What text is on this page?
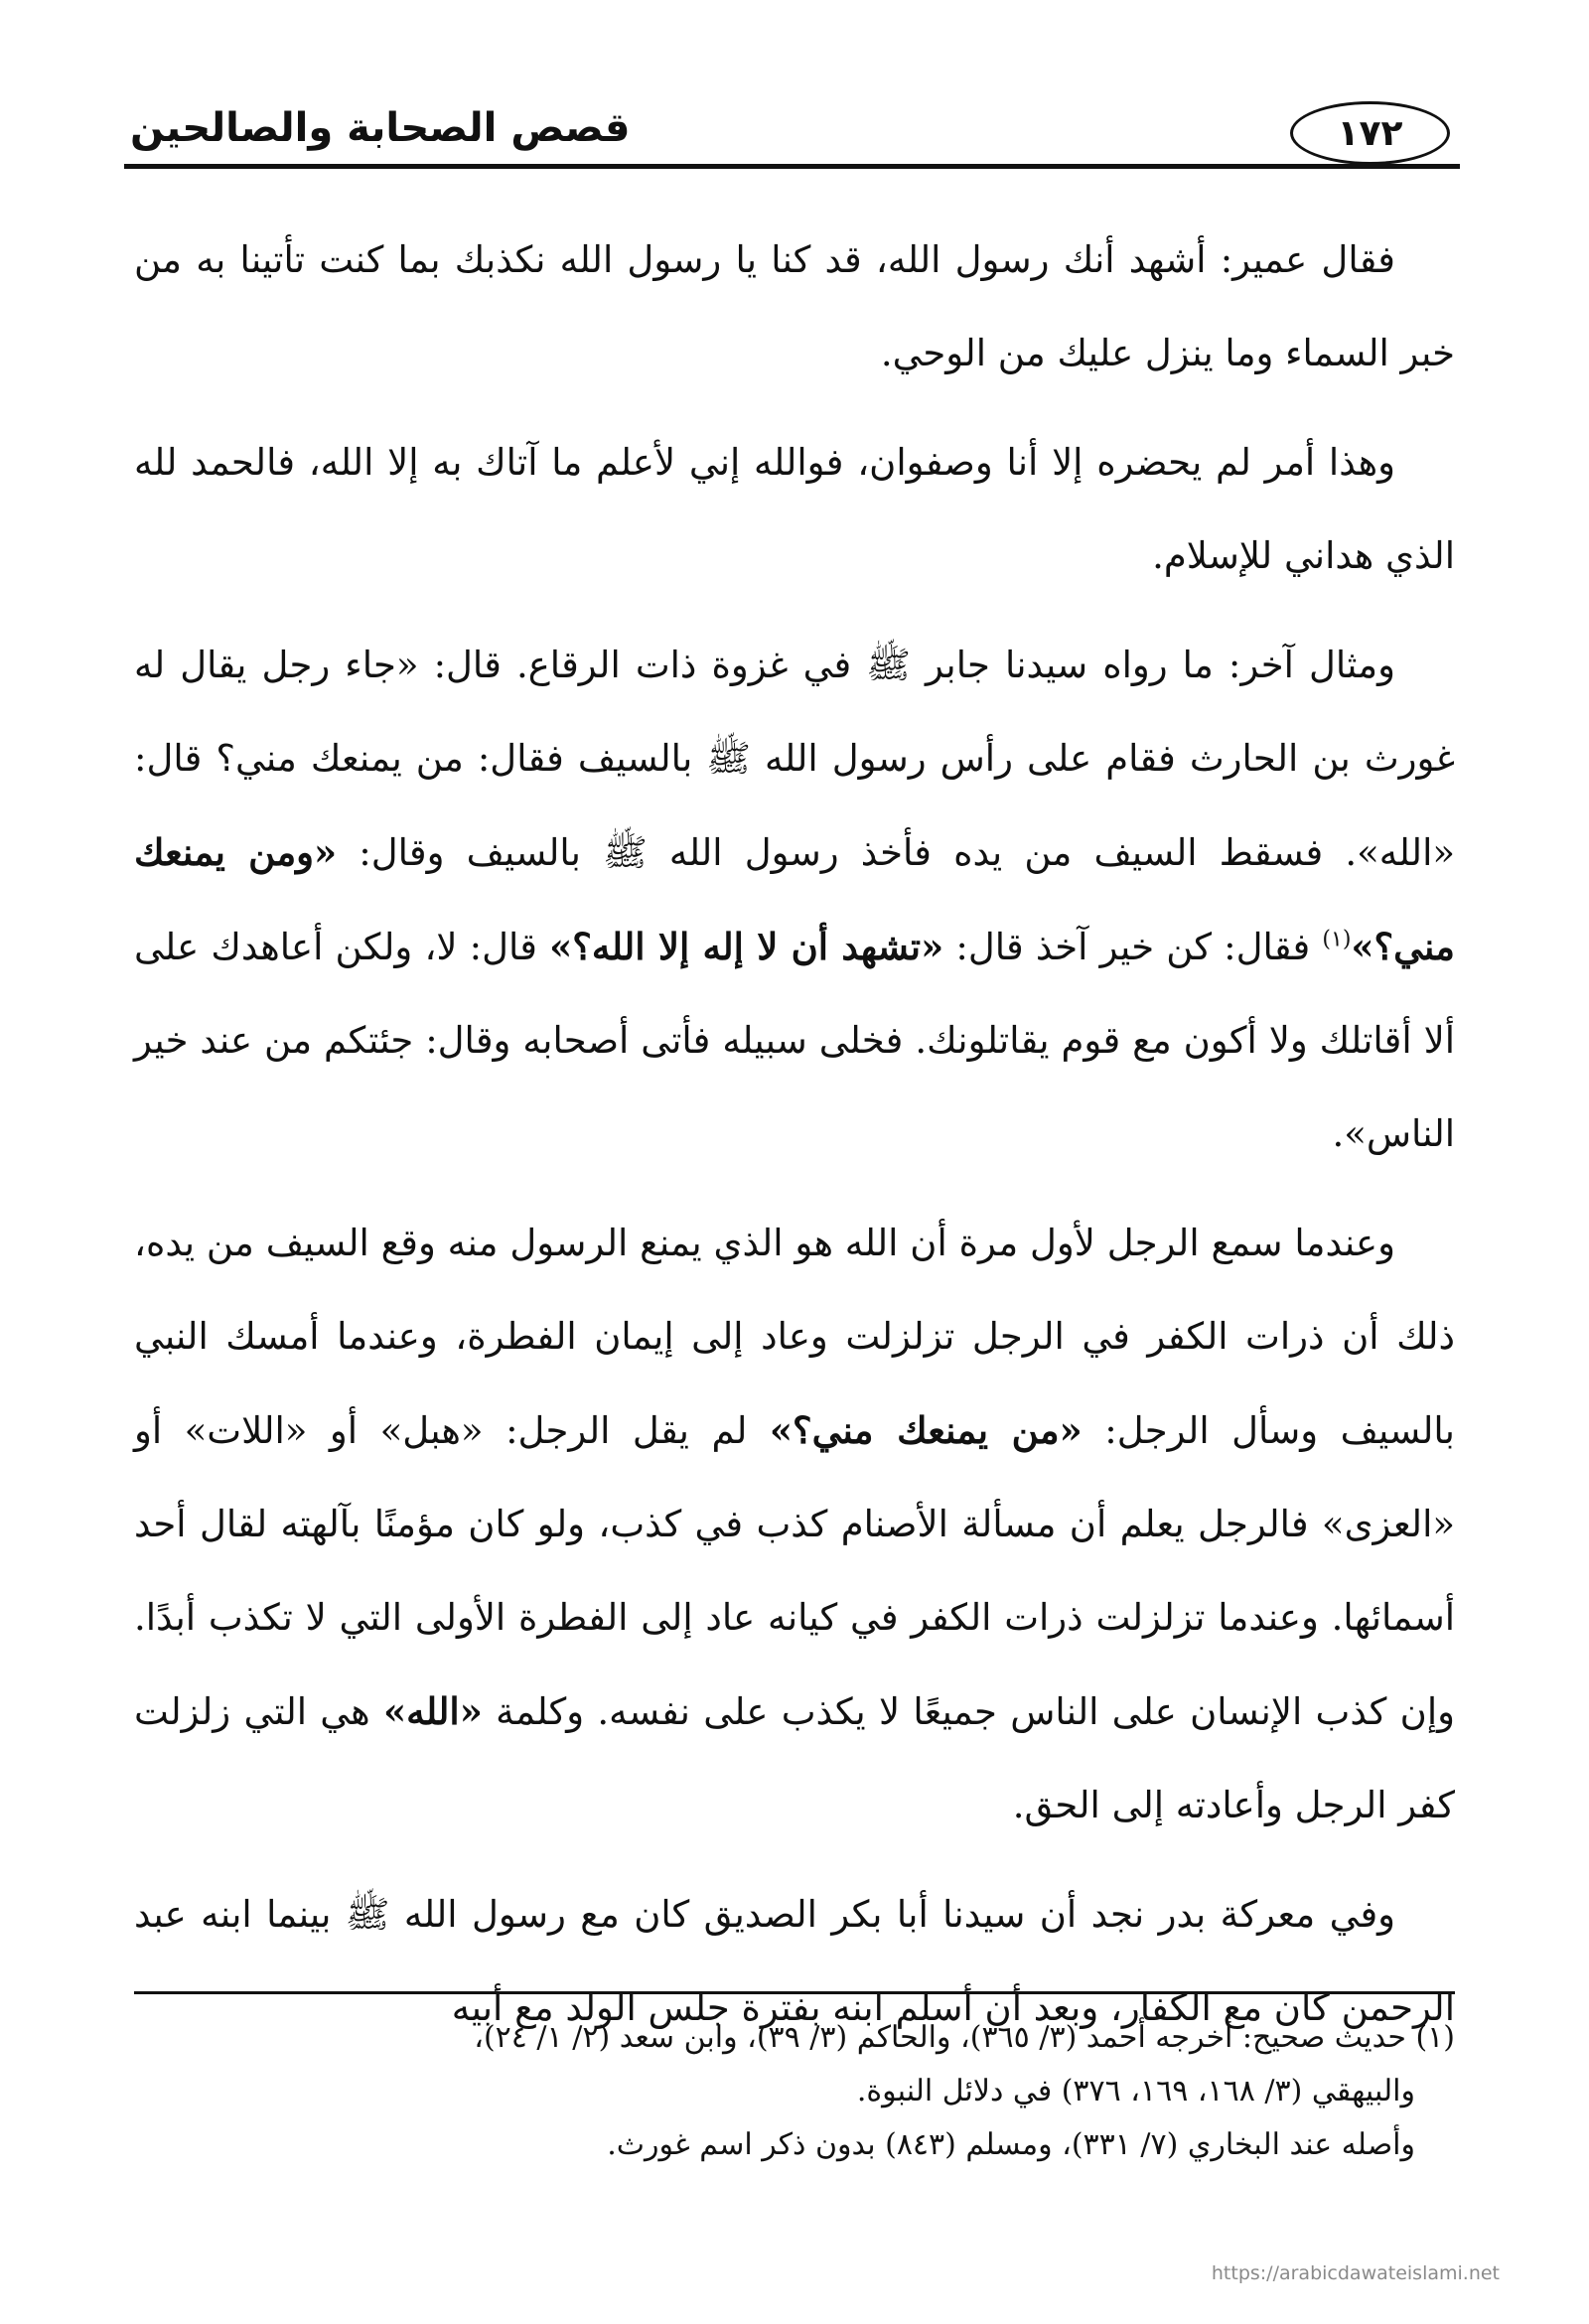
قصص الصحابة والصالحين	١٧٢

فقال عمير: أشهد أنك رسول الله، قد كنا يا رسول الله نكذبك بما كنت تأتينا به من خبر السماء وما ينزل عليك من الوحي.

وهذا أمر لم يحضره إلا أنا وصفوان، فوالله إني لأعلم ما آتاك به إلا الله، فالحمد لله الذي هداني للإسلام.

ومثال آخر: ما رواه سيدنا جابر ﷺ في غزوة ذات الرقاع. قال: «جاء رجل يقال له غورث بن الحارث فقام على رأس رسول الله ﷺ بالسيف فقال: من يمنعك مني؟ قال: «الله». فسقط السيف من يده فأخذ رسول الله ﷺ بالسيف وقال: «ومن يمنعك مني؟»$^{(١)}$ فقال: كن خير آخذ قال: «تشهد أن لا إله إلا الله؟» قال: لا، ولكن أعاهدك على ألا أقاتلك ولا أكون مع قوم يقاتلونك. فخلى سبيله فأتى أصحابه وقال: جئتكم من عند خير الناس».

وعندما سمع الرجل لأول مرة أن الله هو الذي يمنع الرسول منه وقع السيف من يده، ذلك أن ذرات الكفر في الرجل تزلزلت وعاد إلى إيمان الفطرة، وعندما أمسك النبي بالسيف وسأل الرجل: «من يمنعك مني؟» لم يقل الرجل: «هبل» أو «اللات» أو «العزى» فالرجل يعلم أن مسألة الأصنام كذب في كذب، ولو كان مؤمنًا بآلهته لقال أحد أسمائها. وعندما تزلزلت ذرات الكفر في كيانه عاد إلى الفطرة الأولى التي لا تكذب أبدًا. وإن كذب الإنسان على الناس جميعًا لا يكذب على نفسه. وكلمة «الله» هي التي زلزلت كفر الرجل وأعادته إلى الحق.

وفي معركة بدر نجد أن سيدنا أبا بكر الصديق كان مع رسول الله ﷺ بينما ابنه عبد الرحمن كان مع الكفار، وبعد أن أسلم ابنه بفترة جلس الولد مع أبيه

(١) حديث صحيح: أخرجه أحمد (٣/ ٣٦٥)، والحاكم (٣/ ٣٩)، وابن سعد (٢/ ١/ ٢٤)،

والبيهقي (٣/ ١٦٨، ١٦٩، ٣٧٦) في دلائل النبوة.

وأصله عند البخاري (٧/ ٣٣١)، ومسلم (٨٤٣) بدون ذكر اسم غورث.

https://arabicdawateislami.net
